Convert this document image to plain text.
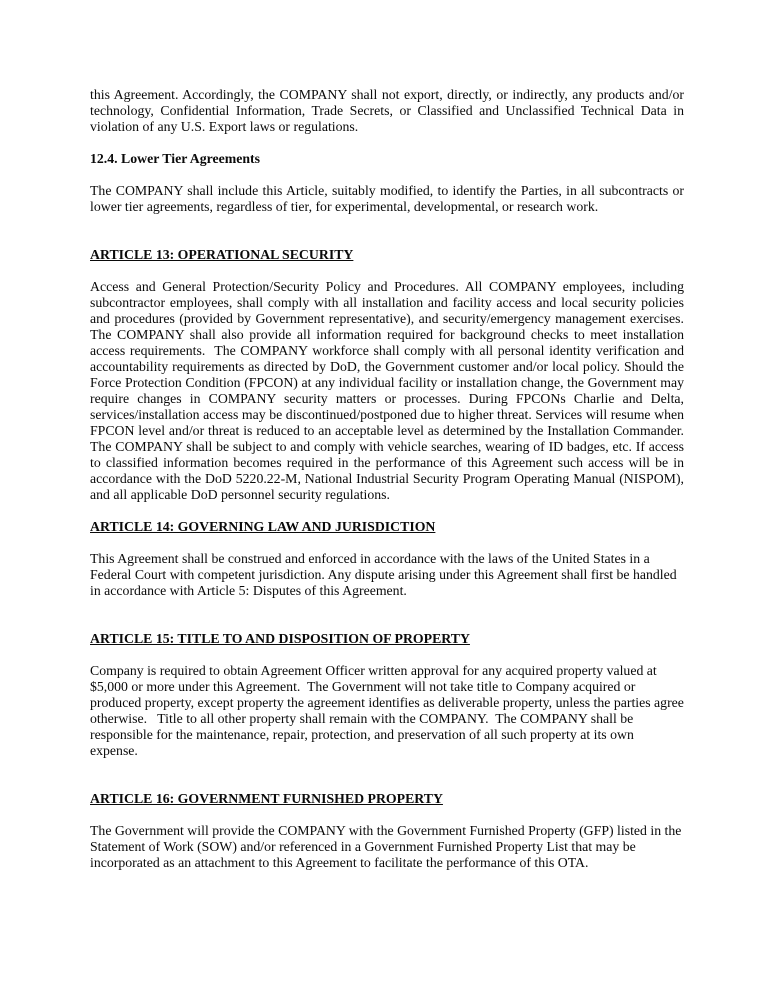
this Agreement. Accordingly, the COMPANY shall not export, directly, or indirectly, any products and/or technology, Confidential Information, Trade Secrets, or Classified and Unclassified Technical Data in violation of any U.S. Export laws or regulations.

12.4. Lower Tier Agreements

The COMPANY shall include this Article, suitably modified, to identify the Parties, in all subcontracts or lower tier agreements, regardless of tier, for experimental, developmental, or research work.

ARTICLE 13: OPERATIONAL SECURITY

Access and General Protection/Security Policy and Procedures. All COMPANY employees, including subcontractor employees, shall comply with all installation and facility access and local security policies and procedures (provided by Government representative), and security/emergency management exercises. The COMPANY shall also provide all information required for background checks to meet installation access requirements.  The COMPANY workforce shall comply with all personal identity verification and accountability requirements as directed by DoD, the Government customer and/or local policy. Should the Force Protection Condition (FPCON) at any individual facility or installation change, the Government may require changes in COMPANY security matters or processes. During FPCONs Charlie and Delta, services/installation access may be discontinued/postponed due to higher threat. Services will resume when FPCON level and/or threat is reduced to an acceptable level as determined by the Installation Commander.  The COMPANY shall be subject to and comply with vehicle searches, wearing of ID badges, etc. If access to classified information becomes required in the performance of this Agreement such access will be in accordance with the DoD 5220.22-M, National Industrial Security Program Operating Manual (NISPOM), and all applicable DoD personnel security regulations.

ARTICLE 14: GOVERNING LAW AND JURISDICTION

This Agreement shall be construed and enforced in accordance with the laws of the United States in a Federal Court with competent jurisdiction. Any dispute arising under this Agreement shall first be handled in accordance with Article 5: Disputes of this Agreement.

ARTICLE 15: TITLE TO AND DISPOSITION OF PROPERTY

Company is required to obtain Agreement Officer written approval for any acquired property valued at $5,000 or more under this Agreement.  The Government will not take title to Company acquired or produced property, except property the agreement identifies as deliverable property, unless the parties agree otherwise.   Title to all other property shall remain with the COMPANY.  The COMPANY shall be responsible for the maintenance, repair, protection, and preservation of all such property at its own expense.

ARTICLE 16: GOVERNMENT FURNISHED PROPERTY

The Government will provide the COMPANY with the Government Furnished Property (GFP) listed in the Statement of Work (SOW) and/or referenced in a Government Furnished Property List that may be incorporated as an attachment to this Agreement to facilitate the performance of this OTA.
